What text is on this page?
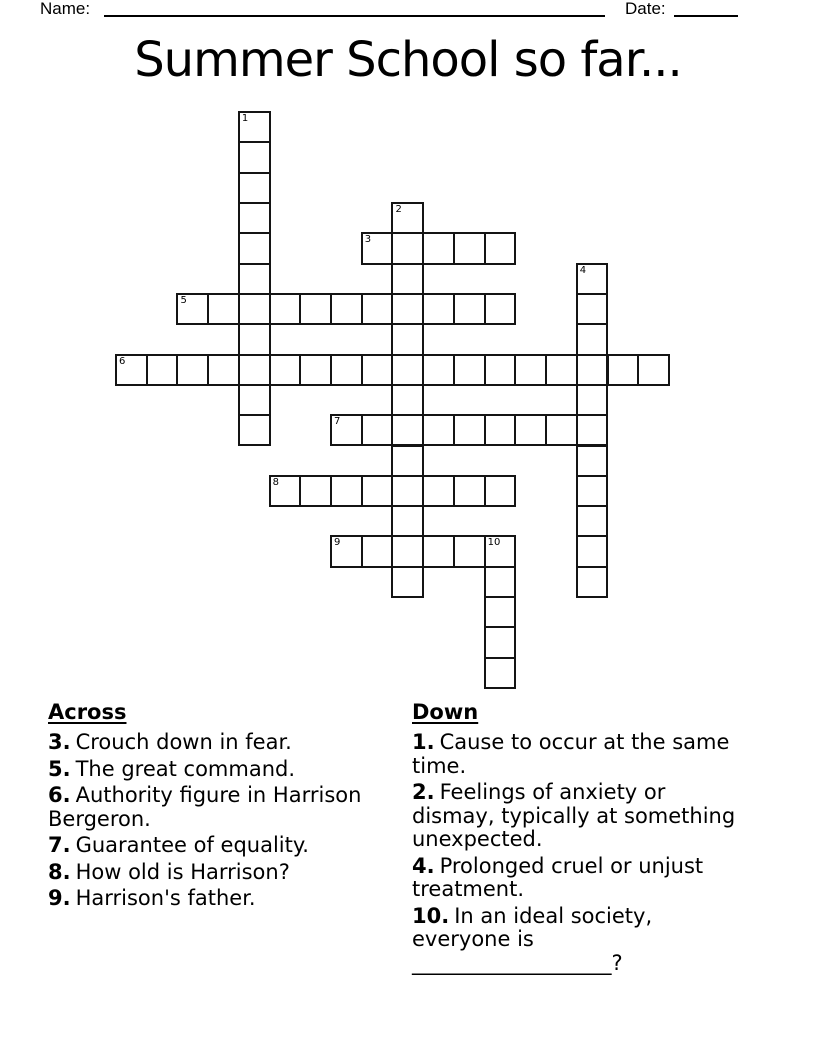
Name:	Date:
Summer School so far...
1
2
3
4
5
6
7
8
9	10
Across
3. Crouch down in fear.
5. The great command.
6. Authority figure in Harrison Bergeron.
7. Guarantee of equality.
8. How old is Harrison?
9. Harrison's father.
Down
1. Cause to occur at the same time.
2. Feelings of anxiety or dismay, typically at something unexpected.
4. Prolonged cruel or unjust treatment.
10. In an ideal society, everyone is ___________________?
